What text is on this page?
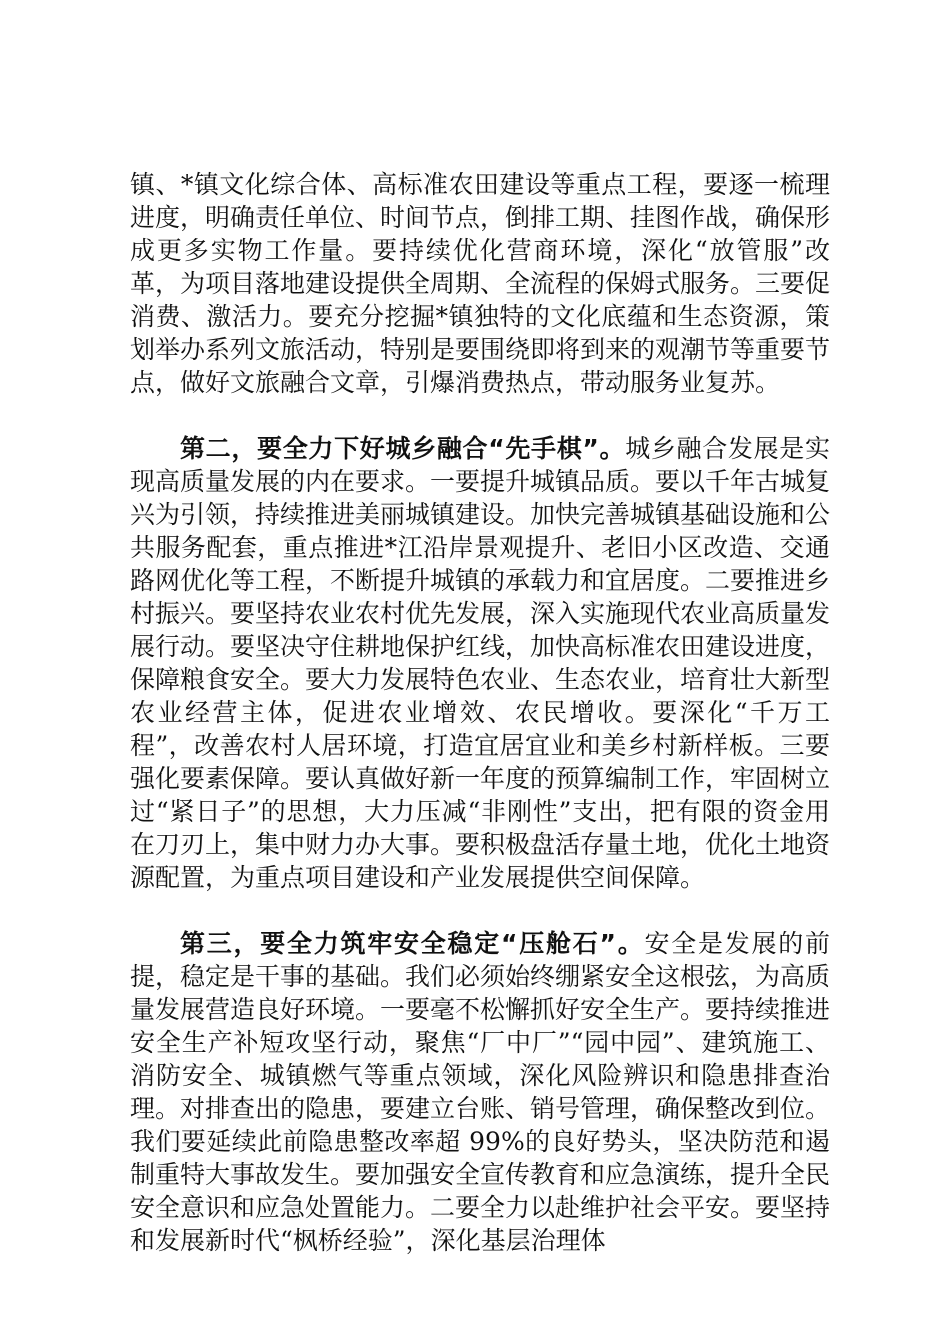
镇、*镇文化综合体、高标准农田建设等重点工程，要逐一梳理进度，明确责任单位、时间节点，倒排工期、挂图作战，确保形成更多实物工作量。要持续优化营商环境，深化“放管服”改革，为项目落地建设提供全周期、全流程的保姆式服务。三要促消费、激活力。要充分挖掘*镇独特的文化底蕴和生态资源，策划举办系列文旅活动，特别是要围绕即将到来的观潮节等重要节点，做好文旅融合文章，引爆消费热点，带动服务业复苏。

第二，要全力下好城乡融合“先手棋”。城乡融合发展是实现高质量发展的内在要求。一要提升城镇品质。要以千年古城复兴为引领，持续推进美丽城镇建设。加快完善城镇基础设施和公共服务配套，重点推进*江沿岸景观提升、老旧小区改造、交通路网优化等工程，不断提升城镇的承载力和宜居度。二要推进乡村振兴。要坚持农业农村优先发展，深入实施现代农业高质量发展行动。要坚决守住耕地保护红线，加快高标准农田建设进度，保障粮食安全。要大力发展特色农业、生态农业，培育壮大新型农业经营主体，促进农业增效、农民增收。要深化“千万工程”，改善农村人居环境，打造宜居宜业和美乡村新样板。三要强化要素保障。要认真做好新一年度的预算编制工作，牢固树立过“紧日子”的思想，大力压减“非刚性”支出，把有限的资金用在刀刃上，集中财力办大事。要积极盘活存量土地，优化土地资源配置，为重点项目建设和产业发展提供空间保障。

第三，要全力筑牢安全稳定“压舱石”。安全是发展的前提，稳定是干事的基础。我们必须始终绷紧安全这根弦，为高质量发展营造良好环境。一要毫不松懈抓好安全生产。要持续推进安全生产补短攻坚行动，聚焦“厂中厂”“园中园”、建筑施工、消防安全、城镇燃气等重点领域，深化风险辨识和隐患排查治理。对排查出的隐患，要建立台账、销号管理，确保整改到位。我们要延续此前隐患整改率超 99%的良好势头，坚决防范和遏制重特大事故发生。要加强安全宣传教育和应急演练，提升全民安全意识和应急处置能力。二要全力以赴维护社会平安。要坚持和发展新时代“枫桥经验”，深化基层治理体
